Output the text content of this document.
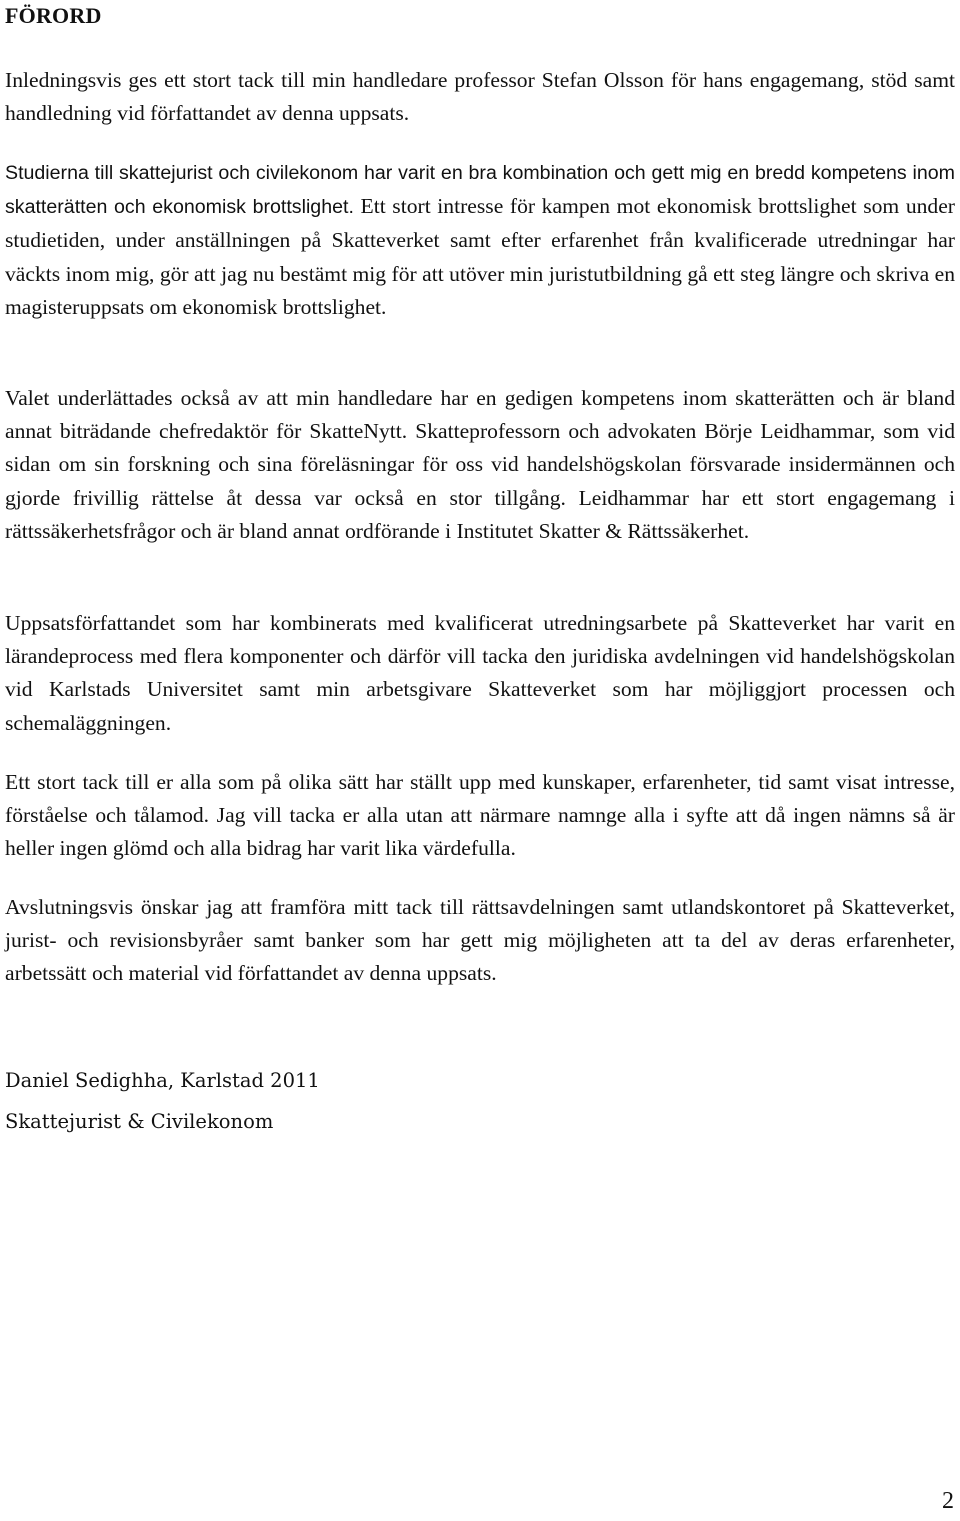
FÖRORD

Inledningsvis ges ett stort tack till min handledare professor Stefan Olsson för hans engagemang, stöd samt handledning vid författandet av denna uppsats.

Studierna till skattejurist och civilekonom har varit en bra kombination och gett mig en bredd kompetens inom skatterätten och ekonomisk brottslighet. Ett stort intresse för kampen mot ekonomisk brottslighet som under studietiden, under anställningen på Skatteverket samt efter erfarenhet från kvalificerade utredningar har väckts inom mig, gör att jag nu bestämt mig för att utöver min juristutbildning gå ett steg längre och skriva en magisteruppsats om ekonomisk brottslighet.

Valet underlättades också av att min handledare har en gedigen kompetens inom skatterätten och är bland annat biträdande chefredaktör för SkatteNytt. Skatteprofessorn och advokaten Börje Leidhammar, som vid sidan om sin forskning och sina föreläsningar för oss vid handelshögskolan försvarade insidermännen och gjorde frivillig rättelse åt dessa var också en stor tillgång. Leidhammar har ett stort engagemang i rättssäkerhetsfrågor och är bland annat ordförande i Institutet Skatter & Rättssäkerhet.

Uppsatsförfattandet som har kombinerats med kvalificerat utredningsarbete på Skatteverket har varit en lärandeprocess med flera komponenter och därför vill tacka den juridiska avdelningen vid handelshögskolan vid Karlstads Universitet samt min arbetsgivare Skatteverket som har möjliggjort processen och schemaläggningen.

Ett stort tack till er alla som på olika sätt har ställt upp med kunskaper, erfarenheter, tid samt visat intresse, förståelse och tålamod. Jag vill tacka er alla utan att närmare namnge alla i syfte att då ingen nämns så är heller ingen glömd och alla bidrag har varit lika värdefulla.

Avslutningsvis önskar jag att framföra mitt tack till rättsavdelningen samt utlandskontoret på Skatteverket, jurist- och revisionsbyråer samt banker som har gett mig möjligheten att ta del av deras erfarenheter, arbetssätt och material vid författandet av denna uppsats.

Daniel Sedighha, Karlstad 2011

Skattejurist & Civilekonom

2
